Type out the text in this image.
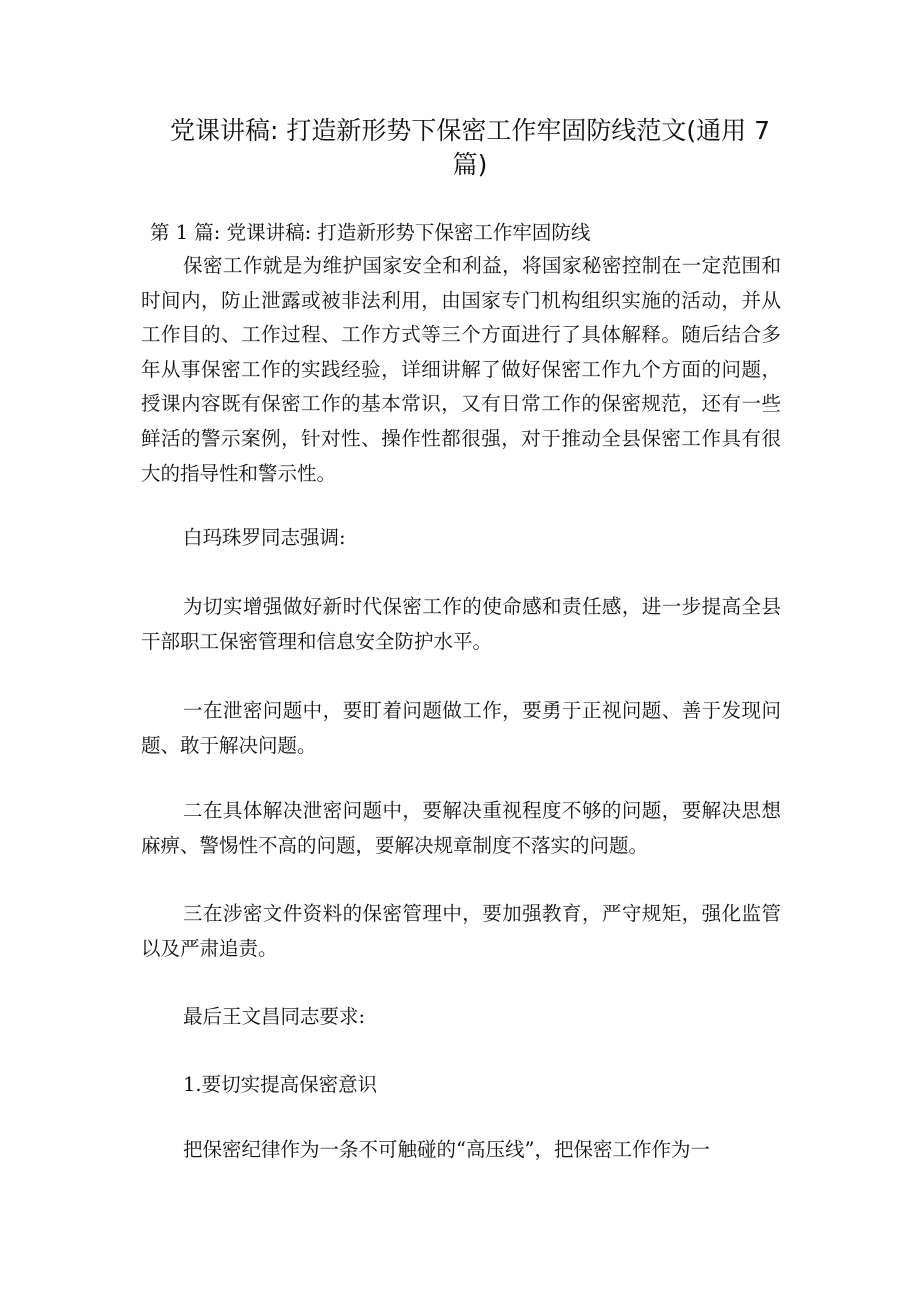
党课讲稿: 打造新形势下保密工作牢固防线范文(通用 7 篇)
第 1 篇: 党课讲稿: 打造新形势下保密工作牢固防线

保密工作就是为维护国家安全和利益，将国家秘密控制在一定范围和时间内，防止泄露或被非法利用，由国家专门机构组织实施的活动，并从工作目的、工作过程、工作方式等三个方面进行了具体解释。随后结合多年从事保密工作的实践经验，详细讲解了做好保密工作九个方面的问题，授课内容既有保密工作的基本常识，又有日常工作的保密规范，还有一些鲜活的警示案例，针对性、操作性都很强，对于推动全县保密工作具有很大的指导性和警示性。

白玛珠罗同志强调:

为切实增强做好新时代保密工作的使命感和责任感，进一步提高全县干部职工保密管理和信息安全防护水平。

一在泄密问题中，要盯着问题做工作，要勇于正视问题、善于发现问题、敢于解决问题。

二在具体解决泄密问题中，要解决重视程度不够的问题，要解决思想麻痹、警惕性不高的问题，要解决规章制度不落实的问题。

三在涉密文件资料的保密管理中，要加强教育，严守规矩，强化监管以及严肃追责。

最后王文昌同志要求:

1.要切实提高保密意识

把保密纪律作为一条不可触碰的“高压线”，把保密工作作为一
